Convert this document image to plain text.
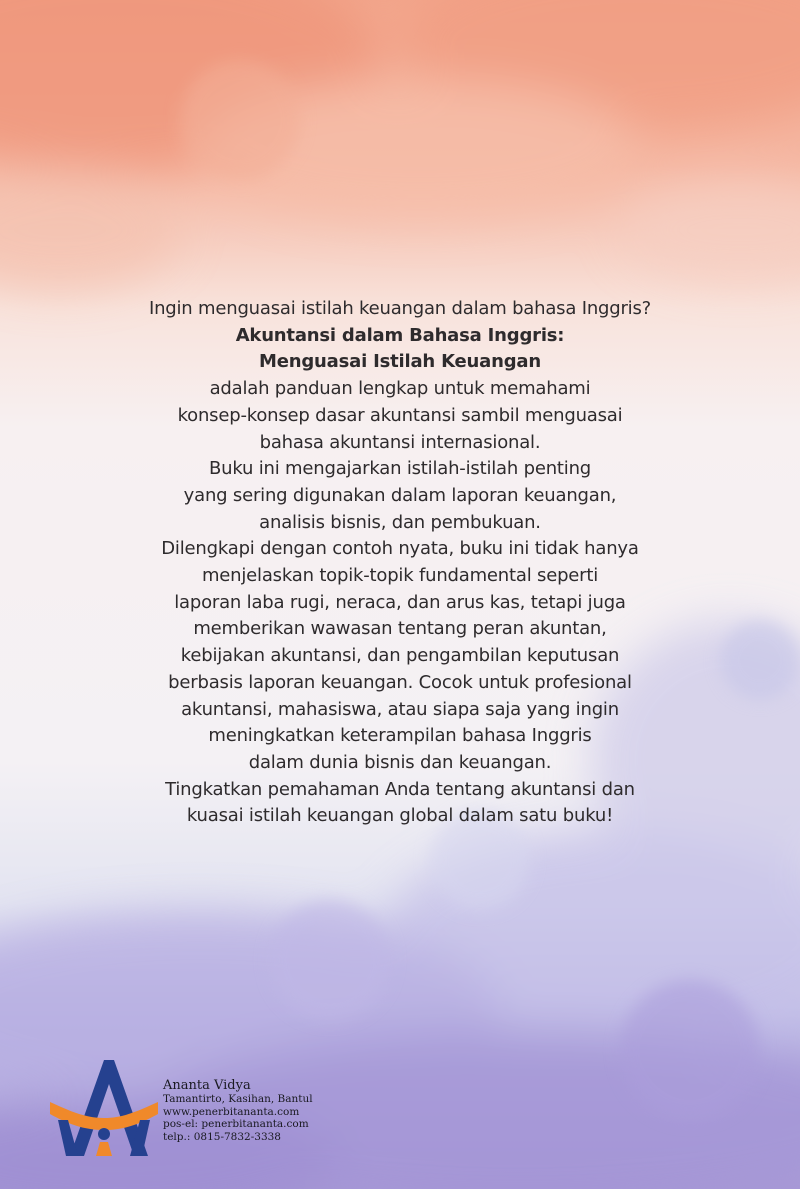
Ingin menguasai istilah keuangan dalam bahasa Inggris?

Akuntansi dalam Bahasa Inggris:

Menguasai Istilah Keuangan

adalah panduan lengkap untuk memahami

konsep-konsep dasar akuntansi sambil menguasai

bahasa akuntansi internasional.

Buku ini mengajarkan istilah-istilah penting

yang sering digunakan dalam laporan keuangan,

analisis bisnis, dan pembukuan.

Dilengkapi dengan contoh nyata, buku ini tidak hanya

menjelaskan topik-topik fundamental seperti

laporan laba rugi, neraca, dan arus kas, tetapi juga

memberikan wawasan tentang peran akuntan,

kebijakan akuntansi, dan pengambilan keputusan

berbasis laporan keuangan. Cocok untuk profesional

akuntansi, mahasiswa, atau siapa saja yang ingin

meningkatkan keterampilan bahasa Inggris

dalam dunia bisnis dan keuangan.

Tingkatkan pemahaman Anda tentang akuntansi dan

kuasai istilah keuangan global dalam satu buku!

Ananta Vidya
Tamantirto, Kasihan, Bantul
www.penerbitananta.com
pos-el: penerbitananta.com
telp.: 0815-7832-3338
